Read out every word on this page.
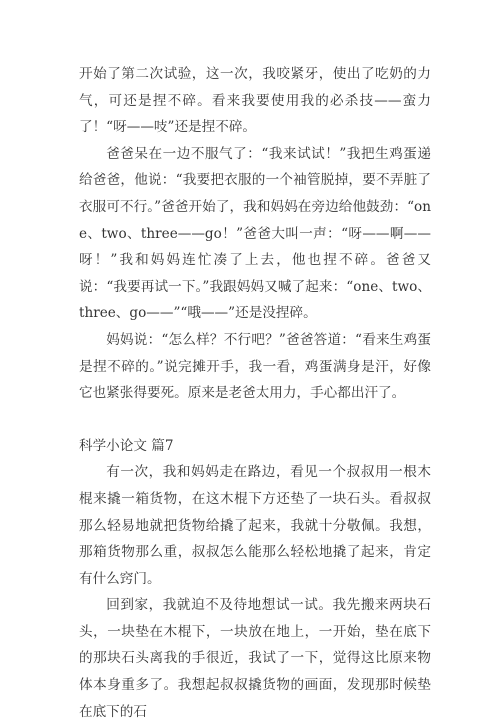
开始了第二次试验，这一次，我咬紧牙，使出了吃奶的力气，可还是捏不碎。看来我要使用我的必杀技——蛮力了！“呀——吱”还是捏不碎。

爸爸呆在一边不服气了：“我来试试！”我把生鸡蛋递给爸爸，他说：“我要把衣服的一个袖管脱掉，要不弄脏了衣服可不行。”爸爸开始了，我和妈妈在旁边给他鼓劲：“one、two、three——go！”爸爸大叫一声：“呀——啊——呀！”我和妈妈连忙凑了上去，他也捏不碎。爸爸又说：“我要再试一下。”我跟妈妈又喊了起来：“one、two、three、go——”“哦——”还是没捏碎。

妈妈说：“怎么样？不行吧？”爸爸答道：“看来生鸡蛋是捏不碎的。”说完摊开手，我一看，鸡蛋满身是汗，好像它也紧张得要死。原来是老爸太用力，手心都出汗了。

科学小论文 篇7

有一次，我和妈妈走在路边，看见一个叔叔用一根木棍来撬一箱货物，在这木棍下方还垫了一块石头。看叔叔那么轻易地就把货物给撬了起来，我就十分敬佩。我想，那箱货物那么重，叔叔怎么能那么轻松地撬了起来，肯定有什么窍门。

回到家，我就迫不及待地想试一试。我先搬来两块石头，一块垫在木棍下，一块放在地上，一开始，垫在底下的那块石头离我的手很近，我试了一下，觉得这比原来物体本身重多了。我想起叔叔撬货物的画面，发现那时候垫在底下的石
